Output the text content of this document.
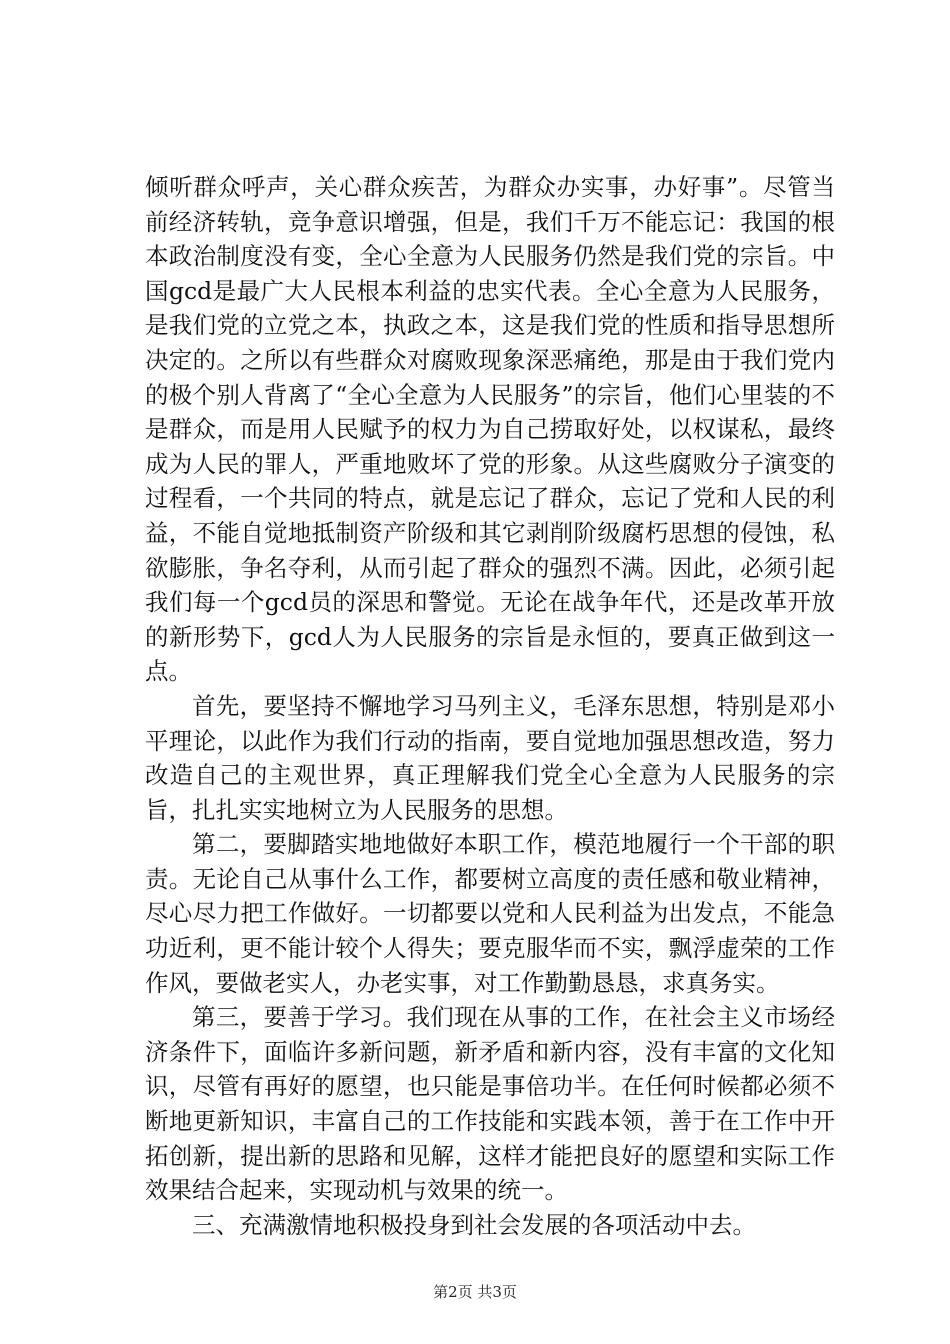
倾听群众呼声，关心群众疾苦，为群众办实事，办好事”。尽管当前经济转轨，竞争意识增强，但是，我们千万不能忘记：我国的根本政治制度没有变，全心全意为人民服务仍然是我们党的宗旨。中国gcd是最广大人民根本利益的忠实代表。全心全意为人民服务，是我们党的立党之本，执政之本，这是我们党的性质和指导思想所决定的。之所以有些群众对腐败现象深恶痛绝，那是由于我们党内的极个别人背离了“全心全意为人民服务”的宗旨，他们心里装的不是群众，而是用人民赋予的权力为自己捞取好处，以权谋私，最终成为人民的罪人，严重地败坏了党的形象。从这些腐败分子演变的过程看，一个共同的特点，就是忘记了群众，忘记了党和人民的利益，不能自觉地抵制资产阶级和其它剥削阶级腐朽思想的侵蚀，私欲膨胀，争名夺利，从而引起了群众的强烈不满。因此，必须引起我们每一个gcd员的深思和警觉。无论在战争年代，还是改革开放的新形势下，gcd人为人民服务的宗旨是永恒的，要真正做到这一点。

首先，要坚持不懈地学习马列主义，毛泽东思想，特别是邓小平理论，以此作为我们行动的指南，要自觉地加强思想改造，努力改造自己的主观世界，真正理解我们党全心全意为人民服务的宗旨，扎扎实实地树立为人民服务的思想。

第二，要脚踏实地地做好本职工作，模范地履行一个干部的职责。无论自己从事什么工作，都要树立高度的责任感和敬业精神，尽心尽力把工作做好。一切都要以党和人民利益为出发点，不能急功近利，更不能计较个人得失；要克服华而不实，飘浮虚荣的工作作风，要做老实人，办老实事，对工作勤勤恳恳，求真务实。

第三，要善于学习。我们现在从事的工作，在社会主义市场经济条件下，面临许多新问题，新矛盾和新内容，没有丰富的文化知识，尽管有再好的愿望，也只能是事倍功半。在任何时候都必须不断地更新知识，丰富自己的工作技能和实践本领，善于在工作中开拓创新，提出新的思路和见解，这样才能把良好的愿望和实际工作效果结合起来，实现动机与效果的统一。

三、充满激情地积极投身到社会发展的各项活动中去。

第2页 共3页
